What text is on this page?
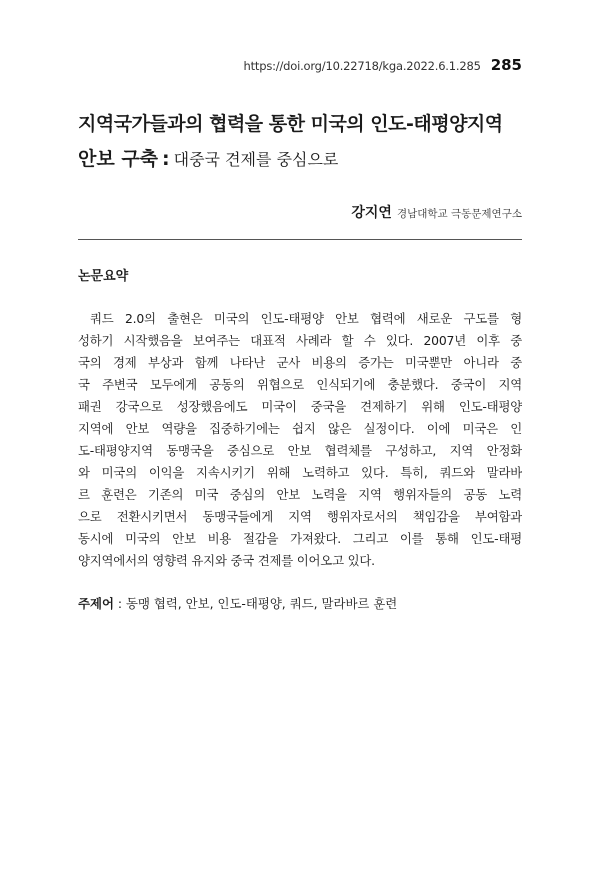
https://doi.org/10.22718/kga.2022.6.1.285 285
지역국가들과의 협력을 통한 미국의 인도-태평양지역
안보 구축 : 대중국 견제를 중심으로
강지연 경남대학교 극동문제연구소
논문요약
쿼드 2.0의 출현은 미국의 인도-태평양 안보 협력에 새로운 구도를 형
성하기 시작했음을 보여주는 대표적 사례라 할 수 있다. 2007년 이후 중
국의 경제 부상과 함께 나타난 군사 비용의 증가는 미국뿐만 아니라 중
국 주변국 모두에게 공동의 위협으로 인식되기에 충분했다. 중국이 지역
패권 강국으로 성장했음에도 미국이 중국을 견제하기 위해 인도-태평양
지역에 안보 역량을 집중하기에는 쉽지 않은 실정이다. 이에 미국은 인
도-태평양지역 동맹국을 중심으로 안보 협력체를 구성하고, 지역 안정화
와 미국의 이익을 지속시키기 위해 노력하고 있다. 특히, 쿼드와 말라바
르 훈련은 기존의 미국 중심의 안보 노력을 지역 행위자들의 공동 노력
으로 전환시키면서 동맹국들에게 지역 행위자로서의 책임감을 부여함과
동시에 미국의 안보 비용 절감을 가져왔다. 그리고 이를 통해 인도-태평
양지역에서의 영향력 유지와 중국 견제를 이어오고 있다.
주제어 : 동맹 협력, 안보, 인도-태평양, 쿼드, 말라바르 훈련
